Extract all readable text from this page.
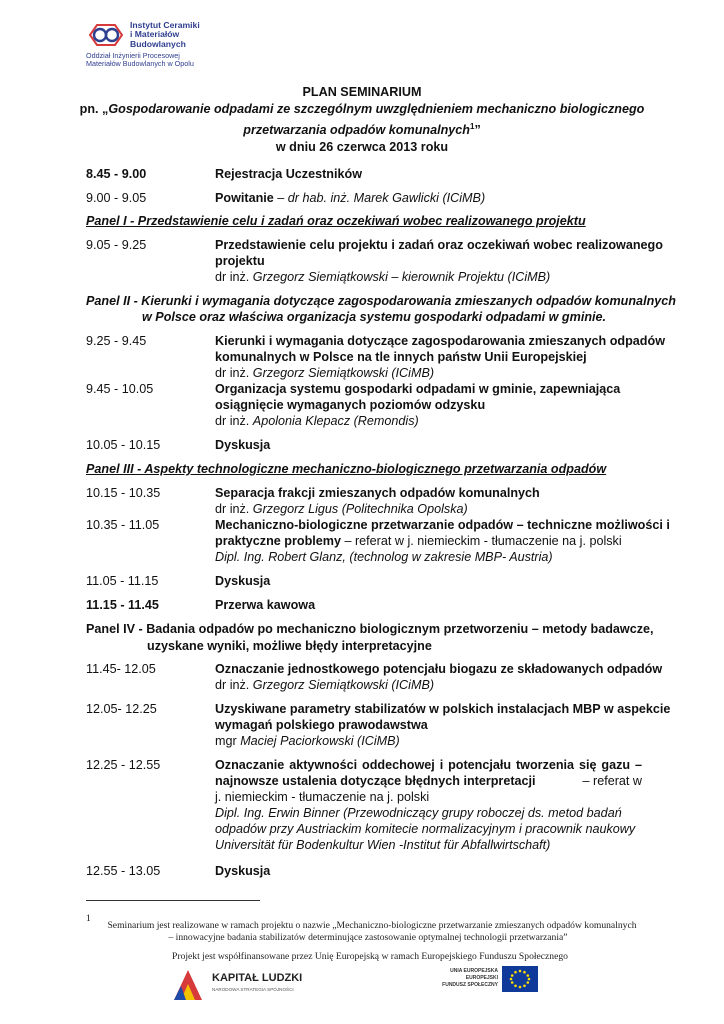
Instytut Ceramiki
i Materiałów
Budowlanych
Oddział Inżynierii Procesowej
Materiałów Budowlanych w Opolu
PLAN SEMINARIUM
pn. „Gospodarowanie odpadami ze szczególnym uwzględnieniem mechaniczno biologicznego
przetwarzania odpadów komunalnych$^1$”
w dniu 26 czerwca 2013 roku
8.45 - 9.00	Rejestracja Uczestników
9.00 - 9.05	Powitanie – dr hab. inż. Marek Gawlicki (ICiMB)
Panel I - Przedstawienie celu i zadań oraz oczekiwań wobec realizowanego projektu
9.05 - 9.25	Przedstawienie celu projektu i zadań oraz oczekiwań wobec realizowanego
projektu
dr inż. Grzegorz Siemiątkowski – kierownik Projektu (ICiMB)
Panel II - Kierunki i wymagania dotyczące zagospodarowania zmieszanych odpadów komunalnych
w Polsce oraz właściwa organizacja systemu gospodarki odpadami w gminie.
9.25 - 9.45	Kierunki i wymagania dotyczące zagospodarowania zmieszanych odpadów
komunalnych w Polsce na tle innych państw Unii Europejskiej
dr inż. Grzegorz Siemiątkowski (ICiMB)
9.45 - 10.05	Organizacja systemu gospodarki odpadami w gminie, zapewniająca
osiągnięcie wymaganych poziomów odzysku
dr inż. Apolonia Klepacz (Remondis)
10.05 - 10.15	Dyskusja
Panel III - Aspekty technologiczne mechaniczno-biologicznego przetwarzania odpadów
10.15 - 10.35	Separacja frakcji zmieszanych odpadów komunalnych
dr inż. Grzegorz Ligus (Politechnika Opolska)
10.35 - 11.05	Mechaniczno-biologiczne przetwarzanie odpadów – techniczne możliwości i
praktyczne problemy – referat w j. niemieckim - tłumaczenie na j. polski
Dipl. Ing. Robert Glanz, (technolog w zakresie MBP- Austria)
11.05 - 11.15	Dyskusja
11.15 - 11.45	Przerwa kawowa
Panel IV - Badania odpadów po mechaniczno biologicznym przetworzeniu – metody badawcze,
uzyskane wyniki, możliwe błędy interpretacyjne
11.45- 12.05	Oznaczanie jednostkowego potencjału biogazu ze składowanych odpadów
dr inż. Grzegorz Siemiątkowski (ICiMB)
12.05- 12.25	Uzyskiwane parametry stabilizatów w polskich instalacjach MBP w aspekcie
wymagań polskiego prawodawstwa
mgr Maciej Paciorkowski (ICiMB)
12.25 - 12.55	Oznaczanie aktywności oddechowej i potencjału tworzenia się gazu –
najnowsze ustalenia dotyczące błędnych interpretacji	– referat w
j. niemieckim - tłumaczenie na j. polski
Dipl. Ing. Erwin Binner (Przewodniczący grupy roboczej ds. metod badań
odpadów przy Austriackim komitecie normalizacyjnym i pracownik naukowy
Universität für Bodenkultur Wien -Institut für Abfallwirtschaft)
12.55 - 13.05	Dyskusja
1
Seminarium jest realizowane w ramach projektu o nazwie „Mechaniczno-biologiczne przetwarzanie zmieszanych odpadów komunalnych
– innowacyjne badania stabilizatów determinujące zastosowanie optymalnej technologii przetwarzania”
Projekt jest współfinansowane przez Unię Europejską w ramach Europejskiego Funduszu Społecznego
KAPITAŁ LUDZKI
NARODOWA STRATEGIA SPÓJNOŚCI
UNIA EUROPEJSKA
EUROPEJSKI
FUNDUSZ SPOŁECZNY
